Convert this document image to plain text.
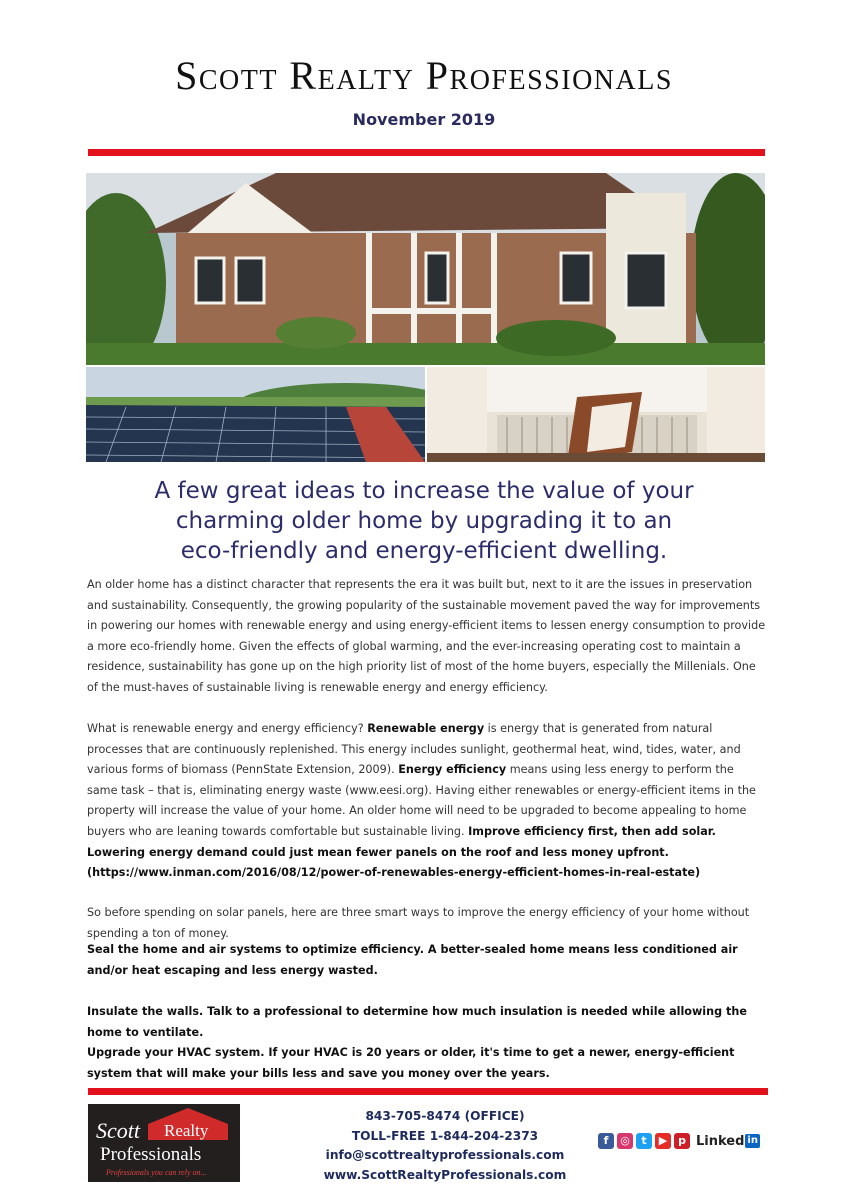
Scott Realty Professionals
November 2019
A few great ideas to increase the value of your
charming older home by upgrading it to an
eco-friendly and energy-efficient dwelling.
An older home has a distinct character that represents the era it was built but, next to it are the issues in preservation and sustainability. Consequently, the growing popularity of the sustainable movement paved the way for improvements in powering our homes with renewable energy and using energy-efficient items to lessen energy consumption to provide a more eco-friendly home. Given the effects of global warming, and the ever-increasing operating cost to maintain a residence, sustainability has gone up on the high priority list of most of the home buyers, especially the Millenials. One of the must-haves of sustainable living is renewable energy and energy efficiency.
What is renewable energy and energy efficiency? Renewable energy is energy that is generated from natural processes that are continuously replenished. This energy includes sunlight, geothermal heat, wind, tides, water, and various forms of biomass (PennState Extension, 2009). Energy efficiency means using less energy to perform the same task – that is, eliminating energy waste (www.eesi.org). Having either renewables or energy-efficient items in the property will increase the value of your home. An older home will need to be upgraded to become appealing to home buyers who are leaning towards comfortable but sustainable living. Improve efficiency first, then add solar. Lowering energy demand could just mean fewer panels on the roof and less money upfront. (https://www.inman.com/2016/08/12/power-of-renewables-energy-efficient-homes-in-real-estate)
So before spending on solar panels, here are three smart ways to improve the energy efficiency of your home without spending a ton of money.
Seal the home and air systems to optimize efficiency. A better-sealed home means less conditioned air and/or heat escaping and less energy wasted.
Insulate the walls. Talk to a professional to determine how much insulation is needed while allowing the home to ventilate.
Upgrade your HVAC system. If your HVAC is 20 years or older, it's time to get a newer, energy-efficient system that will make your bills less and save you money over the years.
Scott Realty
Professionals
Professionals you can rely on...
843-705-8474 (OFFICE)
TOLL-FREE 1-844-204-2373
info@scottrealtyprofessionals.com
www.ScottRealtyProfessionals.com
f	◎	t	▶ p Linked in
